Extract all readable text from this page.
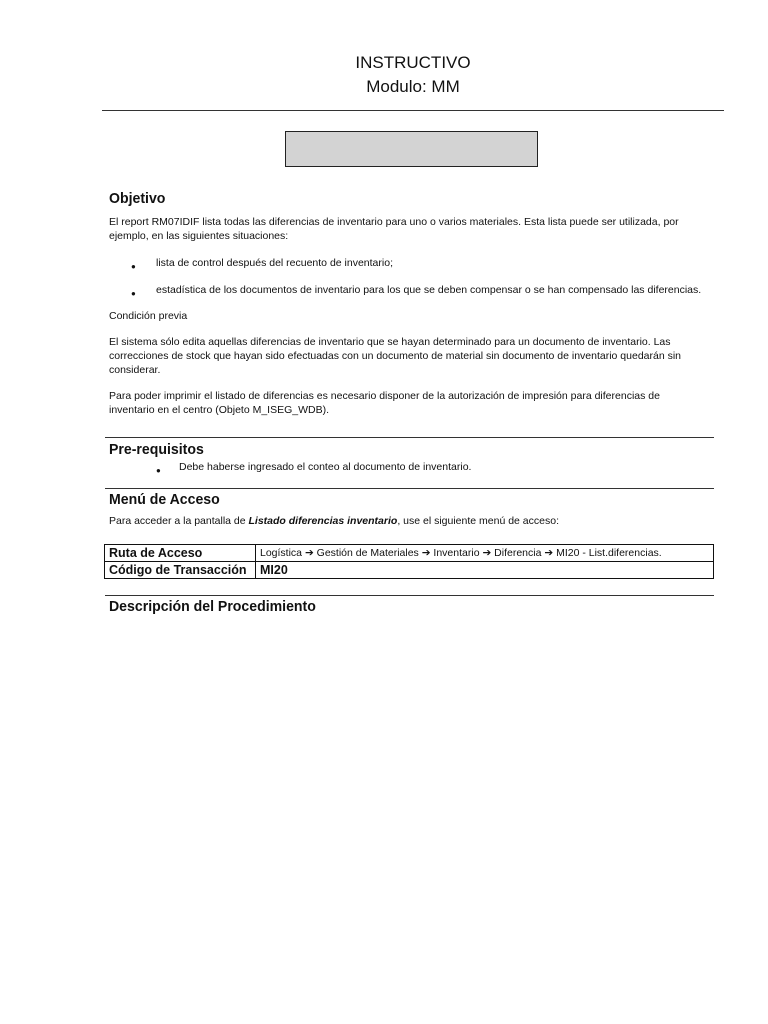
INSTRUCTIVO
Modulo: MM
Objetivo
El report RM07IDIF lista todas las diferencias de inventario para uno o varios materiales. Esta lista puede ser utilizada, por
ejemplo, en las siguientes situaciones:
● lista de control después del recuento de inventario;
● estadística de los documentos de inventario para los que se deben compensar o se han compensado las diferencias.
Condición previa
El sistema sólo edita aquellas diferencias de inventario que se hayan determinado para un documento de inventario. Las
correcciones de stock que hayan sido efectuadas con un documento de material sin documento de inventario quedarán sin
considerar.
Para poder imprimir el listado de diferencias es necesario disponer de la autorización de impresión para diferencias de
inventario en el centro (Objeto M_ISEG_WDB).
Pre-requisitos
● Debe haberse ingresado el conteo al documento de inventario.
Menú de Acceso
Para acceder a la pantalla de Listado diferencias inventario, use el siguiente menú de acceso:
Ruta de Acceso	Logística ➔ Gestión de Materiales ➔ Inventario ➔ Diferencia ➔ MI20 - List.diferencias.
Código de Transacción	MI20
Descripción del Procedimiento
